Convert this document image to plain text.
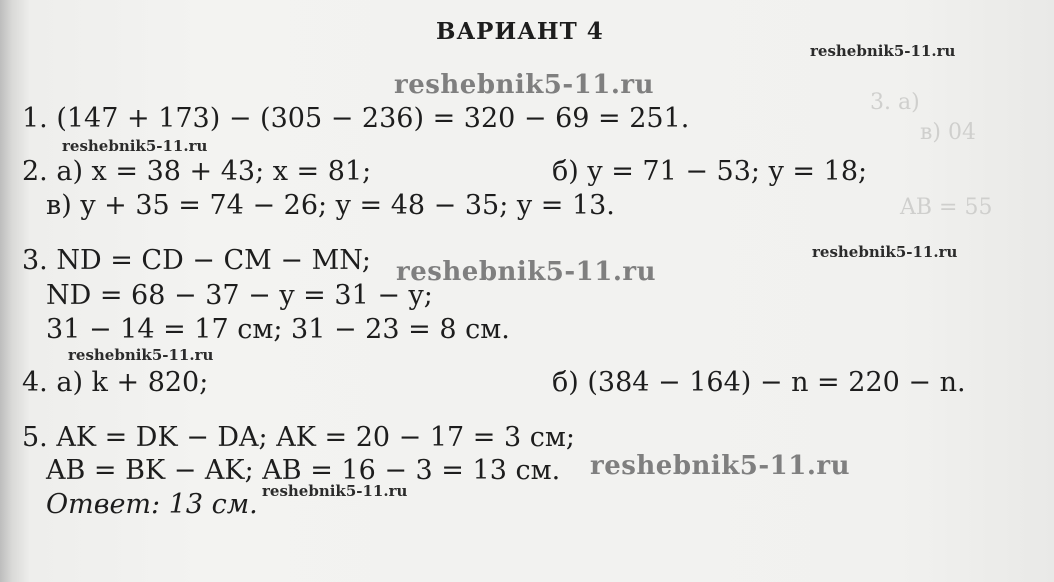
3. а)
в) 04
AB = 55
ВАРИАНТ 4
reshebnik5-11.ru
reshebnik5-11.ru
1. (147 + 173) − (305 − 236) = 320 − 69 = 251.
reshebnik5-11.ru
2. а) x = 38 + 43; x = 81;	б) y = 71 − 53; y = 18;
в) y + 35 = 74 − 26; y = 48 − 35; y = 13.
3. ND = CD − CM − MN;	reshebnik5-11.ru
reshebnik5-11.ru
ND = 68 − 37 − y = 31 − y;
31 − 14 = 17 см; 31 − 23 = 8 см.
reshebnik5-11.ru
4. а) k + 820;	б) (384 − 164) − n = 220 − n.
5. AK = DK − DA; AK = 20 − 17 = 3 см;
AB = BK − AK; AB = 16 − 3 = 13 см. reshebnik5-11.ru
reshebnik5-11.ru
Ответ: 13 см.
